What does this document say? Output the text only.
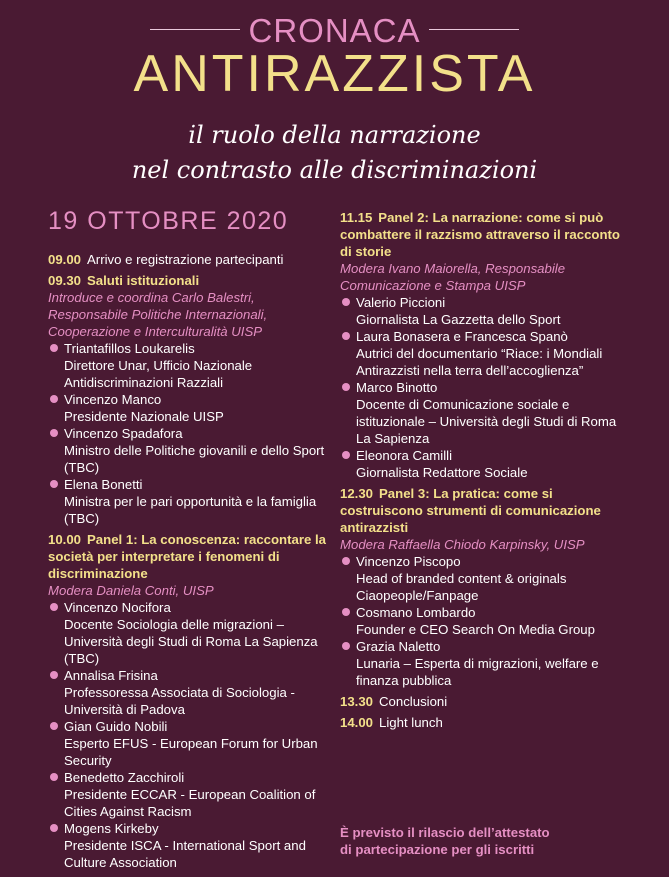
CRONACA
ANTIRAZZISTA
il ruolo della narrazione
nel contrasto alle discriminazioni
19 OTTOBRE 2020
09.00 Arrivo e registrazione partecipanti
09.30 Saluti istituzionali
Introduce e coordina Carlo Balestri, Responsabile Politiche Internazionali, Cooperazione e Interculturalità UISP
Triantafillos Loukarelis
Direttore Unar, Ufficio Nazionale Antidiscriminazioni Razziali
Vincenzo Manco
Presidente Nazionale UISP
Vincenzo Spadafora
Ministro delle Politiche giovanili e dello Sport (TBC)
Elena Bonetti
Ministra per le pari opportunità e la famiglia (TBC)
10.00 Panel 1: La conoscenza: raccontare la società per interpretare i fenomeni di discriminazione
Modera Daniela Conti, UISP
Vincenzo Nocifora
Docente Sociologia delle migrazioni – Università degli Studi di Roma La Sapienza (TBC)
Annalisa Frisina
Professoressa Associata di Sociologia - Università di Padova
Gian Guido Nobili
Esperto EFUS - European Forum for Urban Security
Benedetto Zacchiroli
Presidente ECCAR - European Coalition of Cities Against Racism
Mogens Kirkeby
Presidente ISCA - International Sport and Culture Association
11.15 Panel 2: La narrazione: come si può combattere il razzismo attraverso il racconto di storie
Modera Ivano Maiorella, Responsabile Comunicazione e Stampa UISP
Valerio Piccioni
Giornalista La Gazzetta dello Sport
Laura Bonasera e Francesca Spanò
Autrici del documentario “Riace: i Mondiali Antirazzisti nella terra dell’accoglienza”
Marco Binotto
Docente di Comunicazione sociale e istituzionale – Università degli Studi di Roma La Sapienza
Eleonora Camilli
Giornalista Redattore Sociale
12.30 Panel 3: La pratica: come si costruiscono strumenti di comunicazione antirazzisti
Modera Raffaella Chiodo Karpinsky, UISP
Vincenzo Piscopo
Head of branded content & originals Ciaopeople/Fanpage
Cosmano Lombardo
Founder e CEO Search On Media Group
Grazia Naletto
Lunaria – Esperta di migrazioni, welfare e finanza pubblica
13.30 Conclusioni
14.00 Light lunch
È previsto il rilascio dell’attestato
di partecipazione per gli iscritti
